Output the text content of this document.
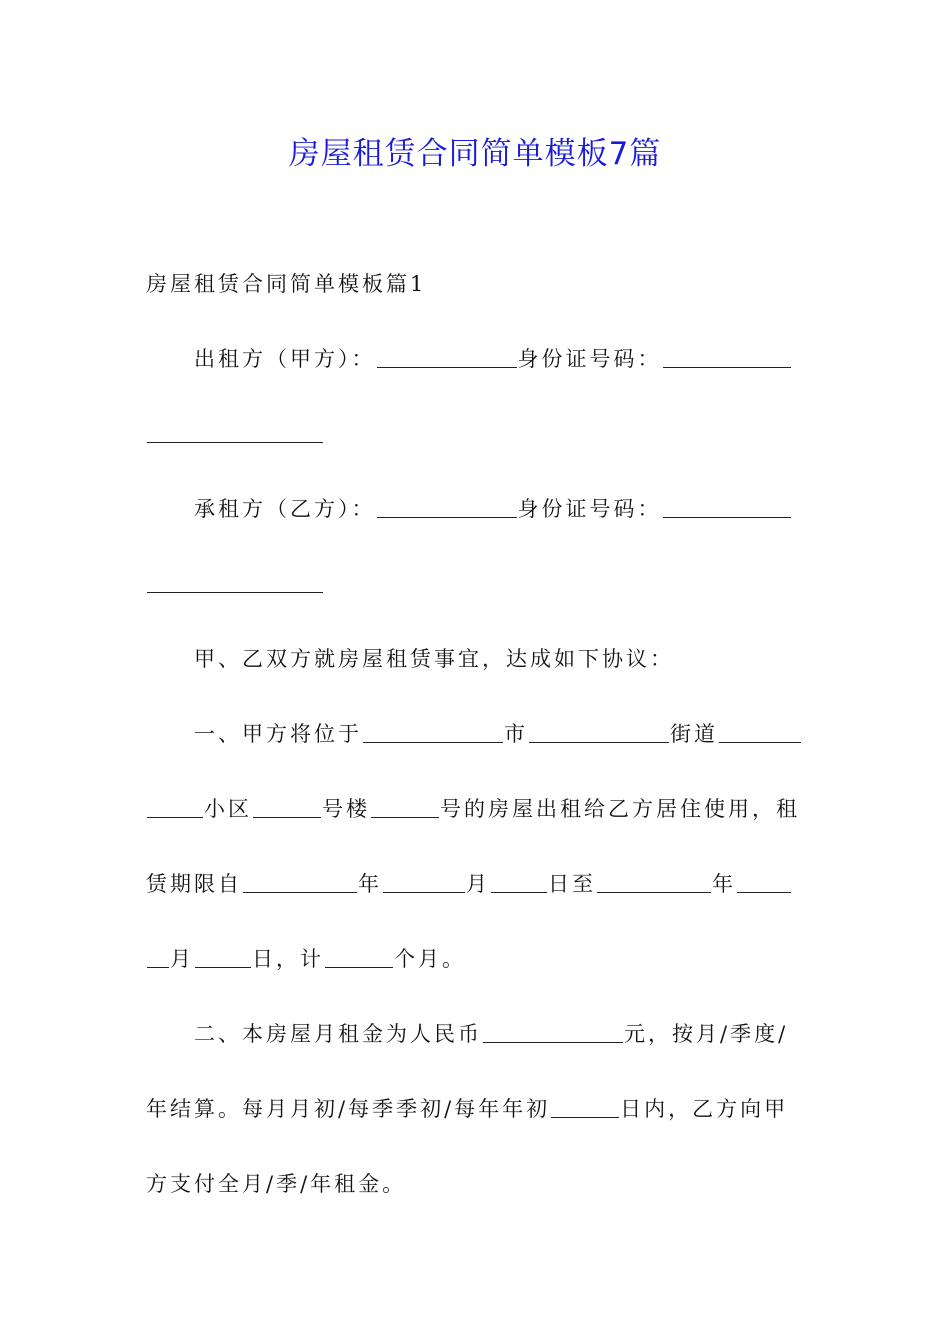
房屋租赁合同简单模板7篇
房屋租赁合同简单模板篇1
出租方（甲方）：	身份证号码：
承租方（乙方）：	身份证号码：
甲、乙双方就房屋租赁事宜，达成如下协议：
一、甲方将位于	市	街道
小区	号楼	号的房屋出租给乙方居住使用，租
赁期限自	年	月	日至	年
月	日，计	个月。
二、本房屋月租金为人民币	元，按月/季度/
年结算。每月月初/每季季初/每年年初	日内，乙方向甲
方支付全月/季/年租金。
